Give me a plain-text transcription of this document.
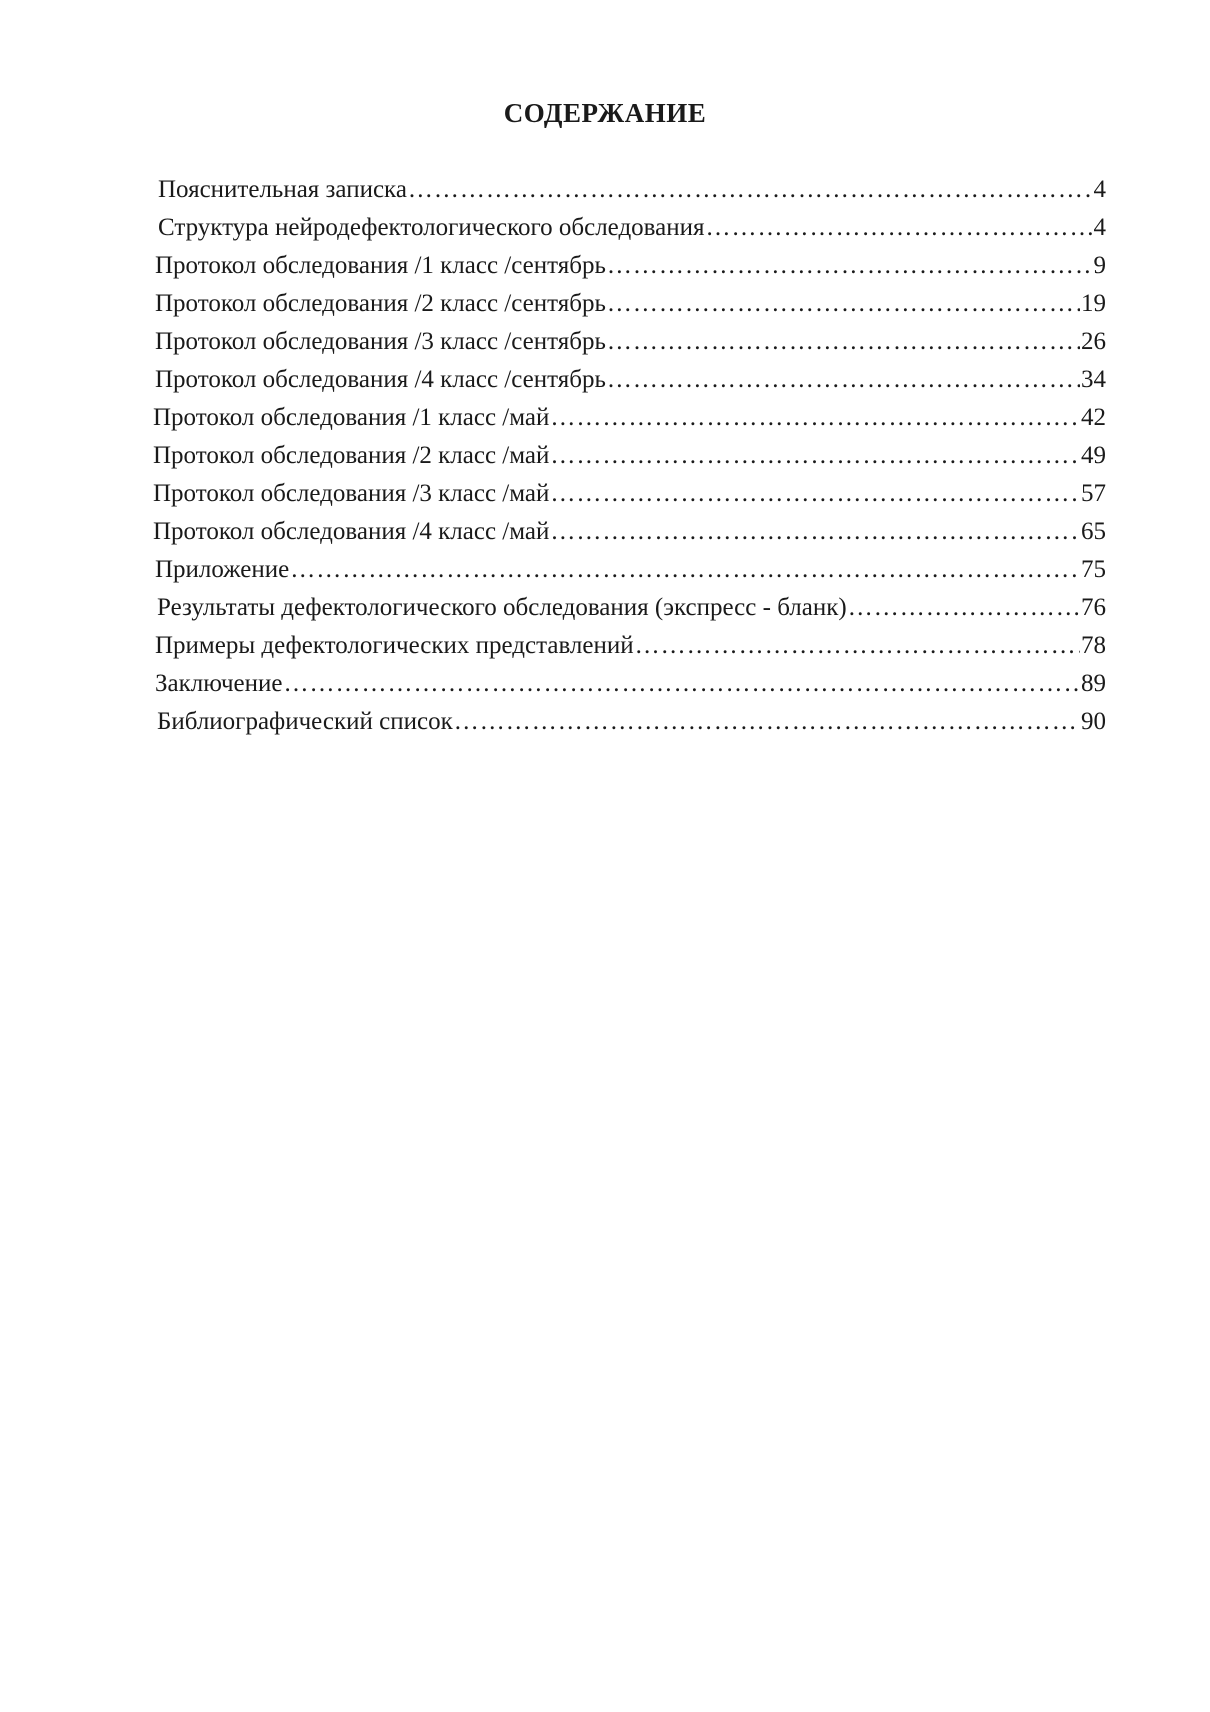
СОДЕРЖАНИЕ
Пояснительная записка …………………………………………………………………………………………………………………………………………………………………………………………………………	4
Структура нейродефектологического обследования …………………………………………………………………………………………………………………………………………………………………………………………………………	4
Протокол обследования /1 класс /сентябрь …………………………………………………………………………………………………………………………………………………………………………………………………………	9
Протокол обследования /2 класс /сентябрь …………………………………………………………………………………………………………………………………………………………………………………………………………	19
Протокол обследования /3 класс /сентябрь …………………………………………………………………………………………………………………………………………………………………………………………………………	26
Протокол обследования /4 класс /сентябрь …………………………………………………………………………………………………………………………………………………………………………………………………………	34
Протокол обследования /1 класс /май …………………………………………………………………………………………………………………………………………………………………………………………………………	42
Протокол обследования /2 класс /май …………………………………………………………………………………………………………………………………………………………………………………………………………	49
Протокол обследования /3 класс /май …………………………………………………………………………………………………………………………………………………………………………………………………………	57
Протокол обследования /4 класс /май …………………………………………………………………………………………………………………………………………………………………………………………………………	65
Приложение …………………………………………………………………………………………………………………………………………………………………………………………………………	75
Результаты дефектологического обследования (экспресс - бланк) …………………………………………………………………………………………………………………………………………………………………………………………………………	76
Примеры дефектологических представлений …………………………………………………………………………………………………………………………………………………………………………………………………………	78
Заключение …………………………………………………………………………………………………………………………………………………………………………………………………………	89
Библиографический список …………………………………………………………………………………………………………………………………………………………………………………………………………	90
